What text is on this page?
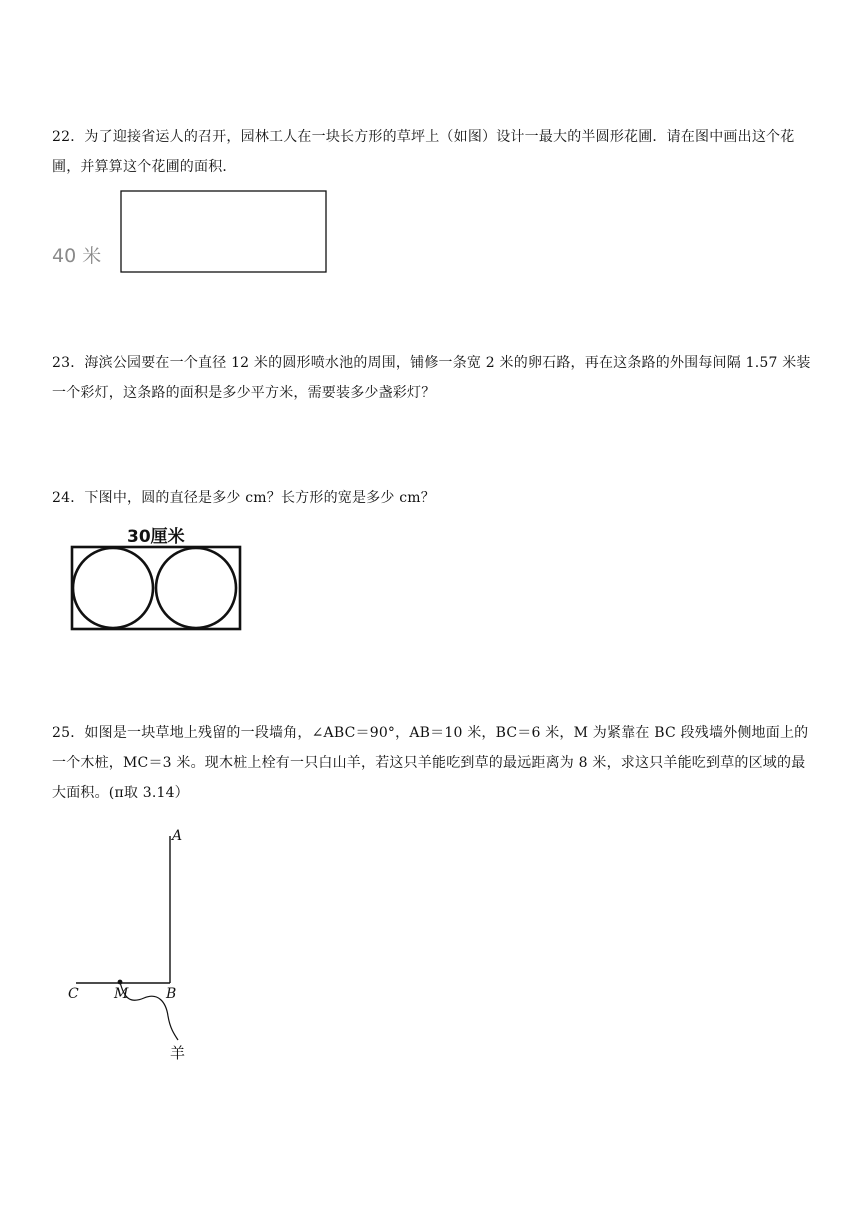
22．为了迎接省运人的召开，园林工人在一块长方形的草坪上（如图）设计一最大的半圆形花圃．请在图中画出这个花圃，并算算这个花圃的面积．
40 米
23．海滨公园要在一个直径 12 米的圆形喷水池的周围，铺修一条宽 2 米的卵石路，再在这条路的外围每间隔 1.57 米装一个彩灯，这条路的面积是多少平方米，需要装多少盏彩灯？
24．下图中，圆的直径是多少 cm？长方形的宽是多少 cm？
30厘米
25．如图是一块草地上残留的一段墙角，∠ABC＝90°，AB＝10 米，BC＝6 米，M 为紧靠在 BC 段残墙外侧地面上的一个木桩，MC＝3 米。现木桩上栓有一只白山羊，若这只羊能吃到草的最远距离为 8 米，求这只羊能吃到草的区域的最大面积。(π取 3.14）
A
C	M	B
羊
